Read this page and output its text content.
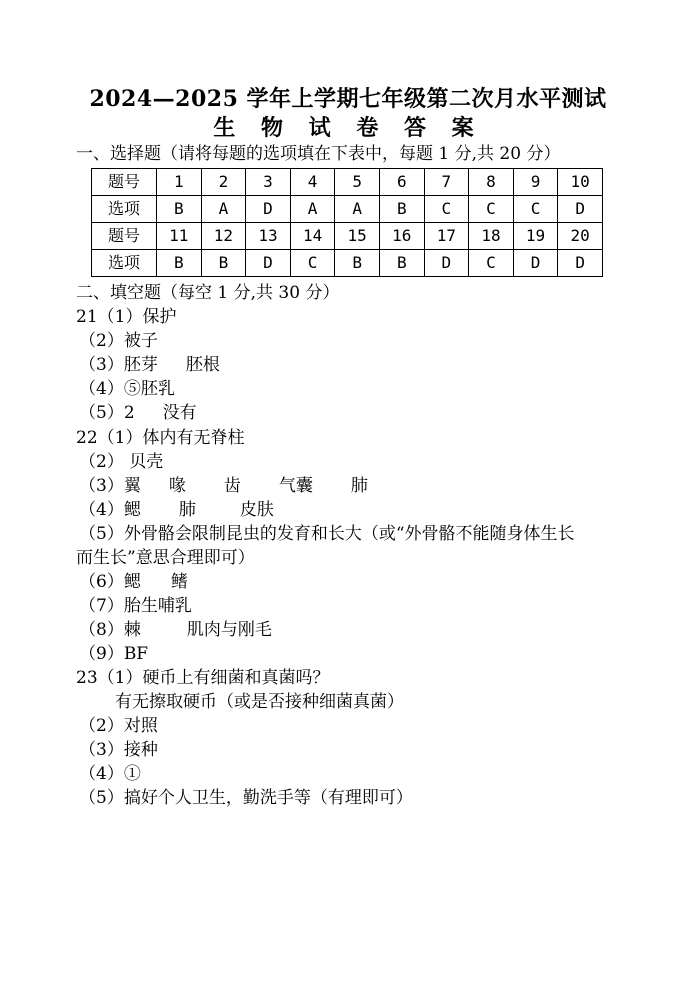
2024—2025 学年上学期七年级第二次月水平测试
生 物 试 卷 答 案
一、选择题（请将每题的选项填在下表中，每题 1 分,共 20 分）
题号	1	2	3	4	5	6	7	8	9	10
选项	B	A	D	A	A	B	C	C	C	D
题号	11	12	13	14	15	16	17	18	19	20
选项	B	B	D	C	B	B	D	C	D	D
二、填空题（每空 1 分,共 30 分）
21（1）保护
（2）被子
（3）胚芽 胚根
（4）⑤胚乳
（5）2 没有
22（1）体内有无脊柱
（2） 贝壳
（3）翼 喙 齿 气囊 肺
（4）鳃 肺	皮肤
（5）外骨骼会限制昆虫的发育和长大（或“外骨骼不能随身体生长
而生长”意思合理即可）
（6）鳃 鳍
（7）胎生哺乳
（8）棘	肌肉与刚毛
（9）BF
23（1）硬币上有细菌和真菌吗？
有无擦取硬币（或是否接种细菌真菌）
（2）对照
（3）接种
（4）①
（5）搞好个人卫生，勤洗手等（有理即可）
